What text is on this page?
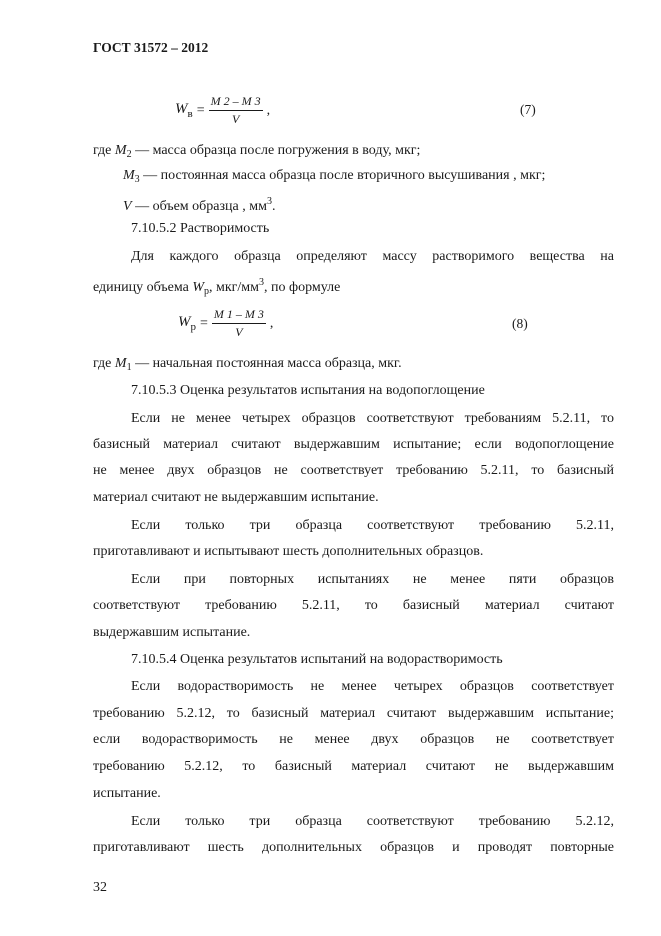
ГОСТ 31572 – 2012
$W_в = \frac{M 2 - M 3}{V}$ ,	(7)
где $M_2$ — масса образца после погружения в воду, мкг;
$M_3$ — постоянная масса образца после вторичного высушивания , мкг;
V — объем образца , $мм^3$.
7.10.5.2 Растворимость
Для каждого образца определяют массу растворимого вещества на
единицу объема $W_p$, мкг/$мм^3$, по формуле
$W_p = \frac{M 1 - M 3}{V}$ ,	(8)
где $M_1$ — начальная постоянная масса образца, мкг.
7.10.5.3 Оценка результатов испытания на водопоглощение
Если не менее четырех образцов соответствуют требованиям 5.2.11, то
базисный материал считают выдержавшим испытание; если водопоглощение
не менее двух образцов не соответствует требованию 5.2.11, то базисный
материал считают не выдержавшим испытание.
Если только три образца соответствуют требованию 5.2.11,
приготавливают и испытывают шесть дополнительных образцов.
Если при повторных испытаниях не менее пяти образцов
соответствуют требованию 5.2.11, то базисный материал считают
выдержавшим испытание.
7.10.5.4 Оценка результатов испытаний на водорастворимость
Если водорастворимость не менее четырех образцов соответствует
требованию 5.2.12, то базисный материал считают выдержавшим испытание;
если водорастворимость не менее двух образцов не соответствует
требованию 5.2.12, то базисный материал считают не выдержавшим
испытание.
Если только три образца соответствуют требованию 5.2.12,
приготавливают шесть дополнительных образцов и проводят повторные
32
